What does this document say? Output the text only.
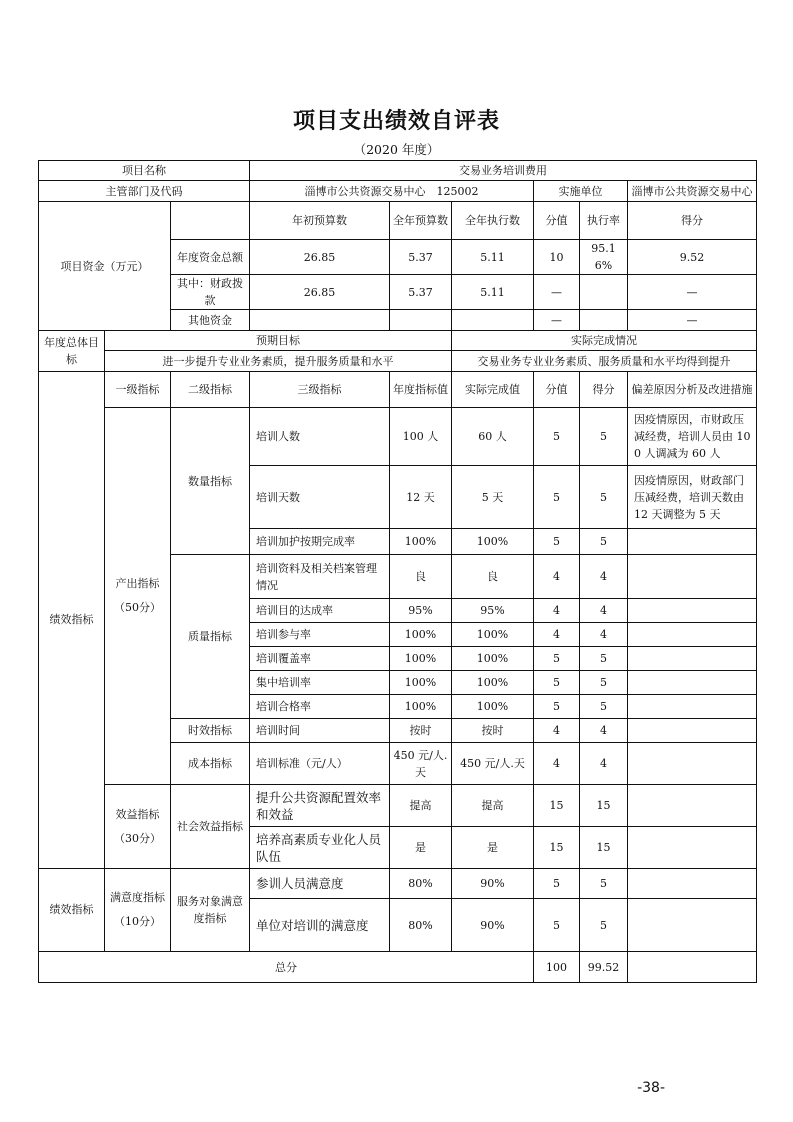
项目支出绩效自评表
（2020 年度）
项目名称			交易业务培训费用					
主管部门及代码			淄博市公共资源交易中心　125002			实施单位		淄博市公共资源交易中心
项目资金（万元）			年初预算数	全年预算数	全年执行数	分值	执行率	得分
		年度资金总额	26.85	5.37	5.11	10	95.16%	9.52
		其中：财政拨款	26.85	5.37	5.11	—		—
		其他资金				—		—
年度总体目标	预期目标				实际完成情况			
	进一步提升专业业务素质，提升服务质量和水平				交易业务专业业务素质、服务质量和水平均得到提升			
绩效指标	一级指标	二级指标	三级指标	年度指标值	实际完成值	分值	得分	偏差原因分析及改进措施
	产出指标（50分）	数量指标	培训人数	100 人	60 人	5	5	因疫情原因，市财政压减经费，培训人员由 100 人调减为 60 人
			培训天数	12 天	5 天	5	5	因疫情原因，财政部门压减经费，培训天数由 12 天调整为 5 天
			培训加护按期完成率	100%	100%	5	5	
		质量指标	培训资料及相关档案管理情况	良	良	4	4	
			培训目的达成率	95%	95%	4	4	
			培训参与率	100%	100%	4	4	
			培训覆盖率	100%	100%	5	5	
			集中培训率	100%	100%	5	5	
			培训合格率	100%	100%	5	5	
		时效指标	培训时间	按时	按时	4	4	
		成本指标	培训标准（元/人）	450 元/人.天	450 元/人.天	4	4	
	效益指标（30分）	社会效益指标	提升公共资源配置效率和效益	提高	提高	15	15	
			培养高素质专业化人员队伍	是	是	15	15	
绩效指标	满意度指标（10分）	服务对象满意度指标	参训人员满意度	80%	90%	5	5	
			单位对培训的满意度	80%	90%	5	5	
总分						100	99.52	
-38-
